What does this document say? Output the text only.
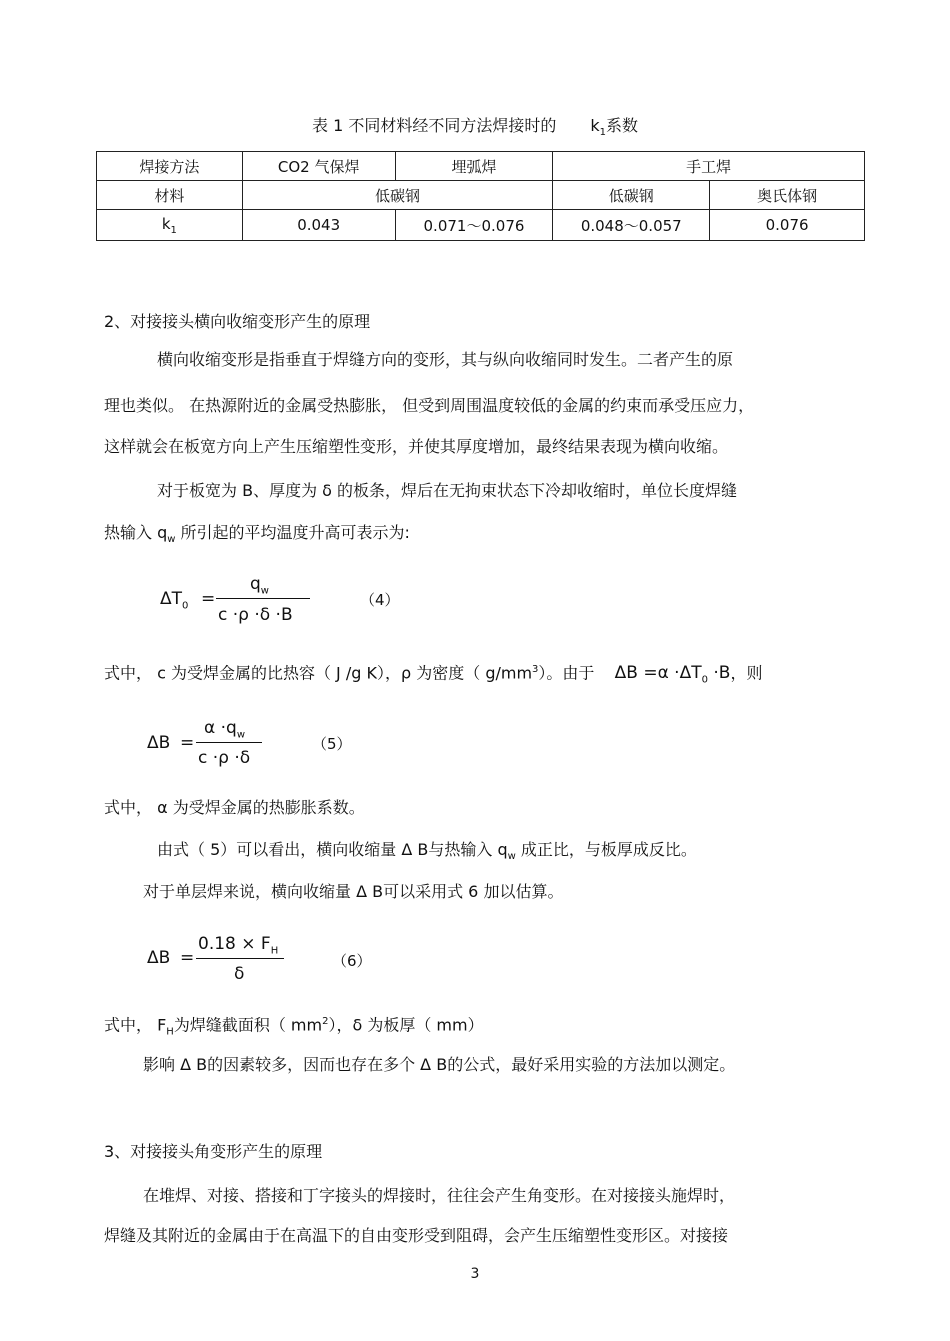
表 1 不同材料经不同方法焊接时的 $k_1$系数
焊接方法	CO2 气保焊	埋弧焊	手工焊	
材料	低碳钢		低碳钢	奥氏体钢
$k_1$	0.043	0.071～0.076	0.048～0.057	0.076
2、对接接头横向收缩变形产生的原理
横向收缩变形是指垂直于焊缝方向的变形，其与纵向收缩同时发生。二者产生的原
理也类似。 在热源附近的金属受热膨胀， 但受到周围温度较低的金属的约束而承受压应力，
这样就会在板宽方向上产生压缩塑性变形，并使其厚度增加，最终结果表现为横向收缩。
对于板宽为 B、厚度为 δ 的板条，焊后在无拘束状态下冷却收缩时，单位长度焊缝
热输入 $q_w$ 所引起的平均温度升高可表示为:
$\Delta T_0$ =
$q_w$
c ·ρ ·δ ·B
（4）
式中， c 为受焊金属的比热容（ J /g K），ρ 为密度（ $g/mm^3$）。由于 $\Delta B =\alpha \cdot\Delta T_0 \cdot B$，则
ΔB =
$\alpha \cdot q_w$
c ·ρ ·δ
（5）
式中， α 为受焊金属的热膨胀系数。
由式（ 5）可以看出，横向收缩量 Δ B与热输入 $q_w$ 成正比，与板厚成反比。
对于单层焊来说，横向收缩量 Δ B可以采用式 6 加以估算。
ΔB =
$0.18 \times F_H$
δ
（6）
式中， $F_H$为焊缝截面积（ $mm^2$），δ 为板厚（ mm）
影响 Δ B的因素较多，因而也存在多个 Δ B的公式，最好采用实验的方法加以测定。
3、对接接头角变形产生的原理
在堆焊、对接、搭接和丁字接头的焊接时，往往会产生角变形。在对接接头施焊时，
焊缝及其附近的金属由于在高温下的自由变形受到阻碍，会产生压缩塑性变形区。对接接
3
